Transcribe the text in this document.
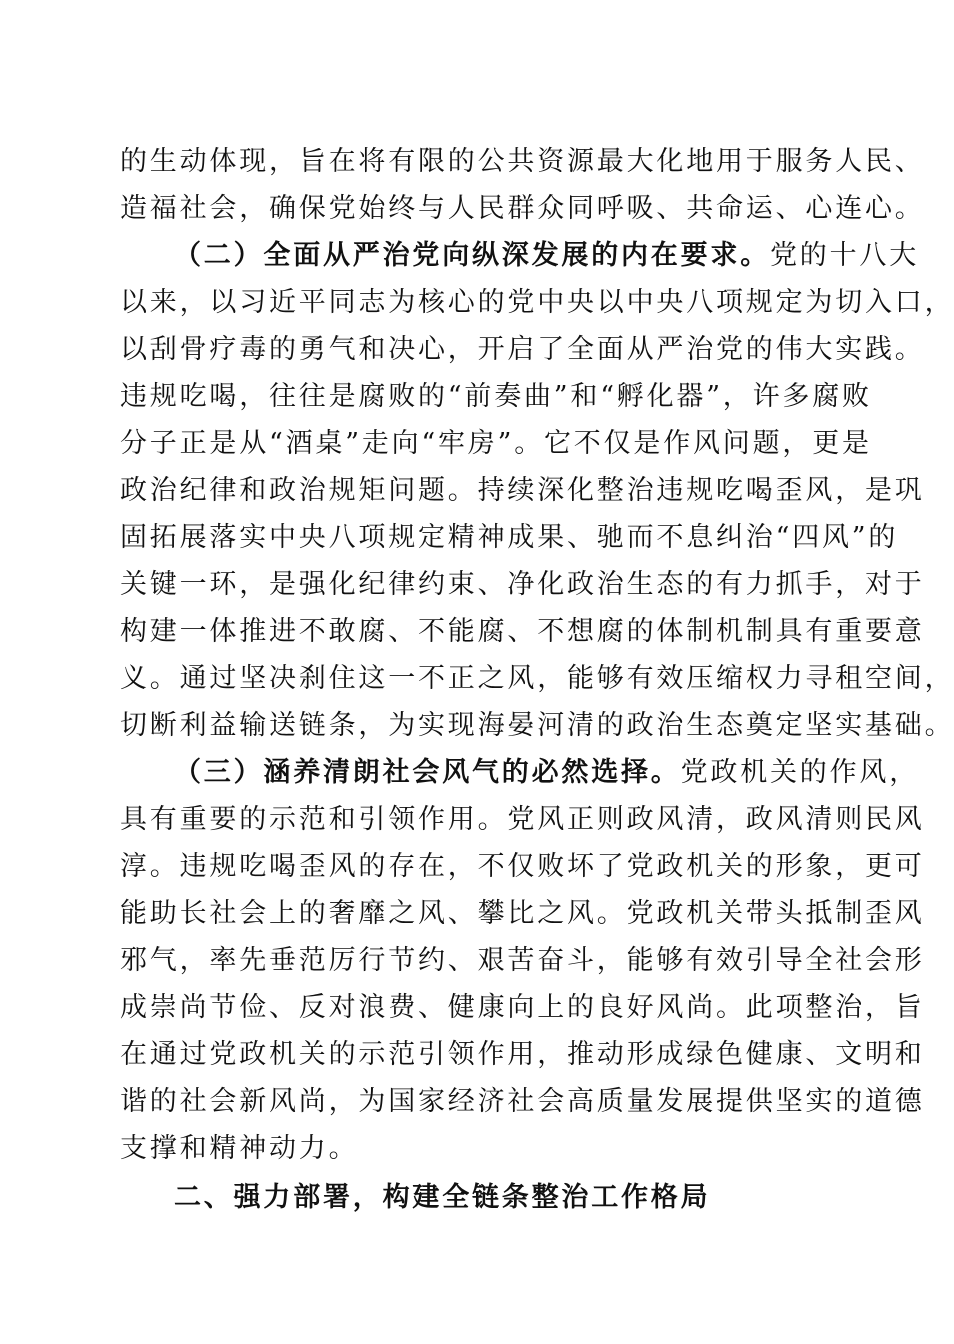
的生动体现，旨在将有限的公共资源最大化地用于服务人民、
造福社会，确保党始终与人民群众同呼吸、共命运、心连心。
（二）全面从严治党向纵深发展的内在要求。党的十八大
以来，以习近平同志为核心的党中央以中央八项规定为切入口，
以刮骨疗毒的勇气和决心，开启了全面从严治党的伟大实践。
违规吃喝，往往是腐败的“前奏曲”和“孵化器”，许多腐败
分子正是从“酒桌”走向“牢房”。它不仅是作风问题，更是
政治纪律和政治规矩问题。持续深化整治违规吃喝歪风，是巩
固拓展落实中央八项规定精神成果、驰而不息纠治“四风”的
关键一环，是强化纪律约束、净化政治生态的有力抓手，对于
构建一体推进不敢腐、不能腐、不想腐的体制机制具有重要意
义。通过坚决刹住这一不正之风，能够有效压缩权力寻租空间，
切断利益输送链条，为实现海晏河清的政治生态奠定坚实基础。
（三）涵养清朗社会风气的必然选择。党政机关的作风，
具有重要的示范和引领作用。党风正则政风清，政风清则民风
淳。违规吃喝歪风的存在，不仅败坏了党政机关的形象，更可
能助长社会上的奢靡之风、攀比之风。党政机关带头抵制歪风
邪气，率先垂范厉行节约、艰苦奋斗，能够有效引导全社会形
成崇尚节俭、反对浪费、健康向上的良好风尚。此项整治，旨
在通过党政机关的示范引领作用，推动形成绿色健康、文明和
谐的社会新风尚，为国家经济社会高质量发展提供坚实的道德
支撑和精神动力。
二、强力部署，构建全链条整治工作格局
